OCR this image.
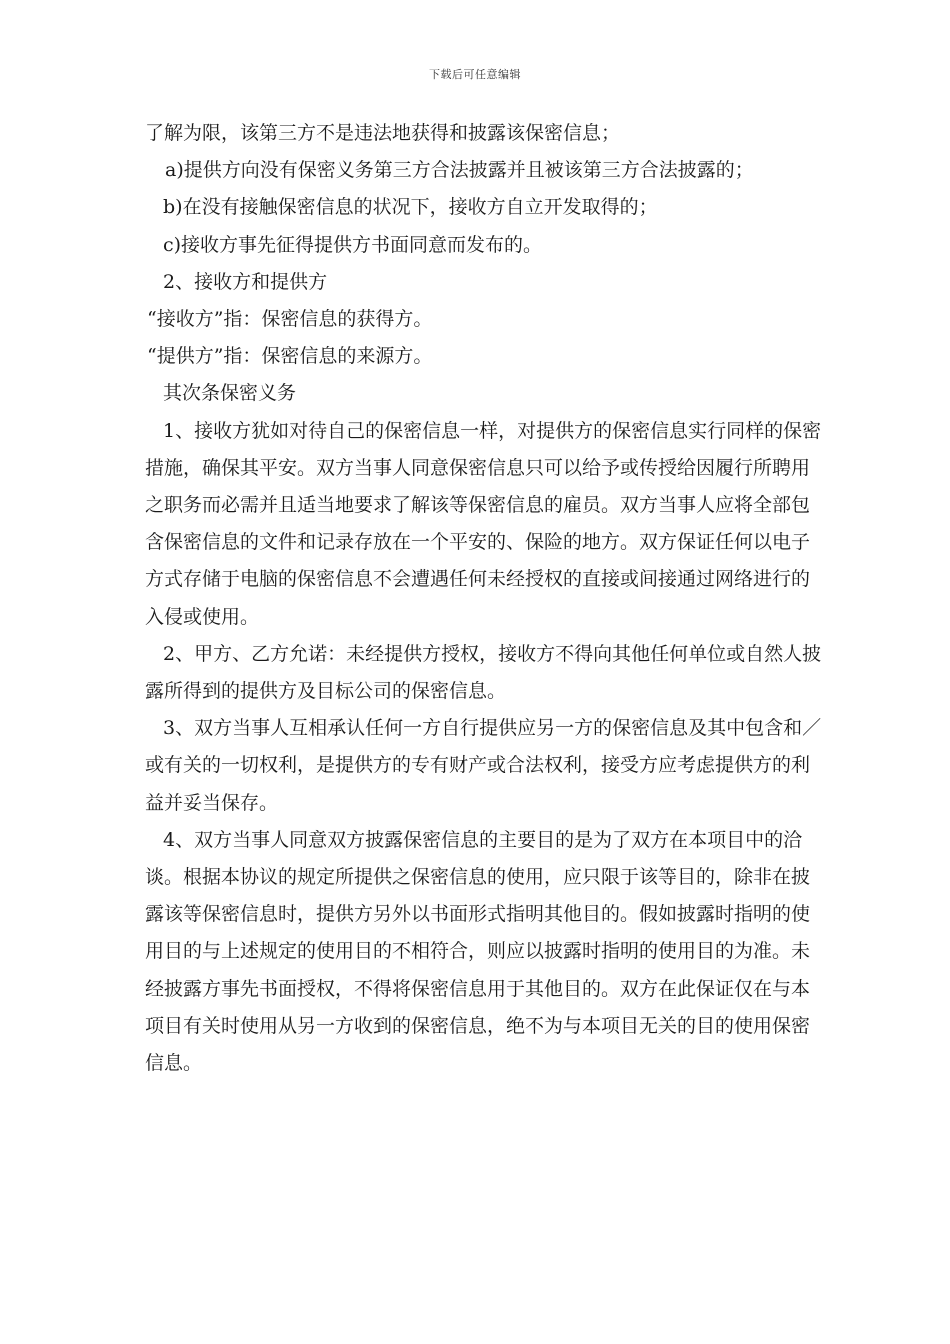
下载后可任意编辑

了解为限，该第三方不是违法地获得和披露该保密信息；

a)提供方向没有保密义务第三方合法披露并且被该第三方合法披露的；

b)在没有接触保密信息的状况下，接收方自立开发取得的；

c)接收方事先征得提供方书面同意而发布的。

2、接收方和提供方

“接收方”指：保密信息的获得方。

“提供方”指：保密信息的来源方。

其次条保密义务

1、接收方犹如对待自己的保密信息一样，对提供方的保密信息实行同样的保密措施，确保其平安。双方当事人同意保密信息只可以给予或传授给因履行所聘用之职务而必需并且适当地要求了解该等保密信息的雇员。双方当事人应将全部包含保密信息的文件和记录存放在一个平安的、保险的地方。双方保证任何以电子方式存储于电脑的保密信息不会遭遇任何未经授权的直接或间接通过网络进行的入侵或使用。

2、甲方、乙方允诺：未经提供方授权，接收方不得向其他任何单位或自然人披露所得到的提供方及目标公司的保密信息。

3、双方当事人互相承认任何一方自行提供应另一方的保密信息及其中包含和／或有关的一切权利，是提供方的专有财产或合法权利，接受方应考虑提供方的利益并妥当保存。

4、双方当事人同意双方披露保密信息的主要目的是为了双方在本项目中的洽谈。根据本协议的规定所提供之保密信息的使用，应只限于该等目的，除非在披露该等保密信息时，提供方另外以书面形式指明其他目的。假如披露时指明的使用目的与上述规定的使用目的不相符合，则应以披露时指明的使用目的为准。未经披露方事先书面授权，不得将保密信息用于其他目的。双方在此保证仅在与本项目有关时使用从另一方收到的保密信息，绝不为与本项目无关的目的使用保密信息。
